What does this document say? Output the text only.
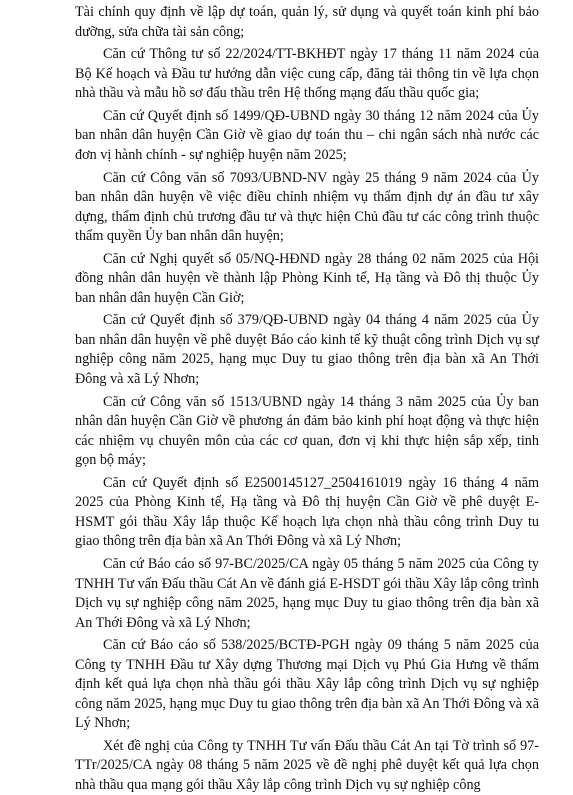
Tài chính quy định về lập dự toán, quản lý, sử dụng và quyết toán kinh phí bảo dưỡng, sửa chữa tài sản công;

Căn cứ Thông tư số 22/2024/TT-BKHĐT ngày 17 tháng 11 năm 2024 của Bộ Kế hoạch và Đầu tư hướng dẫn việc cung cấp, đăng tải thông tin về lựa chọn nhà thầu và mẫu hồ sơ đấu thầu trên Hệ thống mạng đấu thầu quốc gia;

Căn cứ Quyết định số 1499/QĐ-UBND ngày 30 tháng 12 năm 2024 của Ủy ban nhân dân huyện Cần Giờ về giao dự toán thu – chi ngân sách nhà nước các đơn vị hành chính - sự nghiệp huyện năm 2025;

Căn cứ Công văn số 7093/UBND-NV ngày 25 tháng 9 năm 2024 của Ủy ban nhân dân huyện về việc điều chỉnh nhiệm vụ thẩm định dự án đầu tư xây dựng, thẩm định chủ trương đầu tư và thực hiện Chủ đầu tư các công trình thuộc thẩm quyền Ủy ban nhân dân huyện;

Căn cứ Nghị quyết số 05/NQ-HĐND ngày 28 tháng 02 năm 2025 của Hội đồng nhân dân huyện về thành lập Phòng Kinh tế, Hạ tầng và Đô thị thuộc Ủy ban nhân dân huyện Cần Giờ;

Căn cứ Quyết định số 379/QĐ-UBND ngày 04 tháng 4 năm 2025 của Ủy ban nhân dân huyện về phê duyệt Báo cáo kinh tế kỹ thuật công trình Dịch vụ sự nghiệp công năm 2025, hạng mục Duy tu giao thông trên địa bàn xã An Thới Đông và xã Lý Nhơn;

Căn cứ Công văn số 1513/UBND ngày 14 tháng 3 năm 2025 của Ủy ban nhân dân huyện Cần Giờ về phương án đảm bảo kinh phí hoạt động và thực hiện các nhiệm vụ chuyên môn của các cơ quan, đơn vị khi thực hiện sắp xếp, tinh gọn bộ máy;

Căn cứ Quyết định số E2500145127_2504161019 ngày 16 tháng 4 năm 2025 của Phòng Kinh tế, Hạ tầng và Đô thị huyện Cần Giờ về phê duyệt E-HSMT gói thầu Xây lắp thuộc Kế hoạch lựa chọn nhà thầu công trình Duy tu giao thông trên địa bàn xã An Thới Đông và xã Lý Nhơn;

Căn cứ Báo cáo số 97-BC/2025/CA ngày 05 tháng 5 năm 2025 của Công ty TNHH Tư vấn Đấu thầu Cát An về đánh giá E-HSDT gói thầu Xây lắp công trình Dịch vụ sự nghiệp công năm 2025, hạng mục Duy tu giao thông trên địa bàn xã An Thới Đông và xã Lý Nhơn;

Căn cứ Báo cáo số 538/2025/BCTĐ-PGH ngày 09 tháng 5 năm 2025 của Công ty TNHH Đầu tư Xây dựng Thương mại Dịch vụ Phú Gia Hưng về thẩm định kết quả lựa chọn nhà thầu gói thầu Xây lắp công trình Dịch vụ sự nghiệp công năm 2025, hạng mục Duy tu giao thông trên địa bàn xã An Thới Đông và xã Lý Nhơn;

Xét đề nghị của Công ty TNHH Tư vấn Đấu thầu Cát An tại Tờ trình số 97-TTr/2025/CA ngày 08 tháng 5 năm 2025 về đề nghị phê duyệt kết quả lựa chọn nhà thầu qua mạng gói thầu Xây lắp công trình Dịch vụ sự nghiệp công
